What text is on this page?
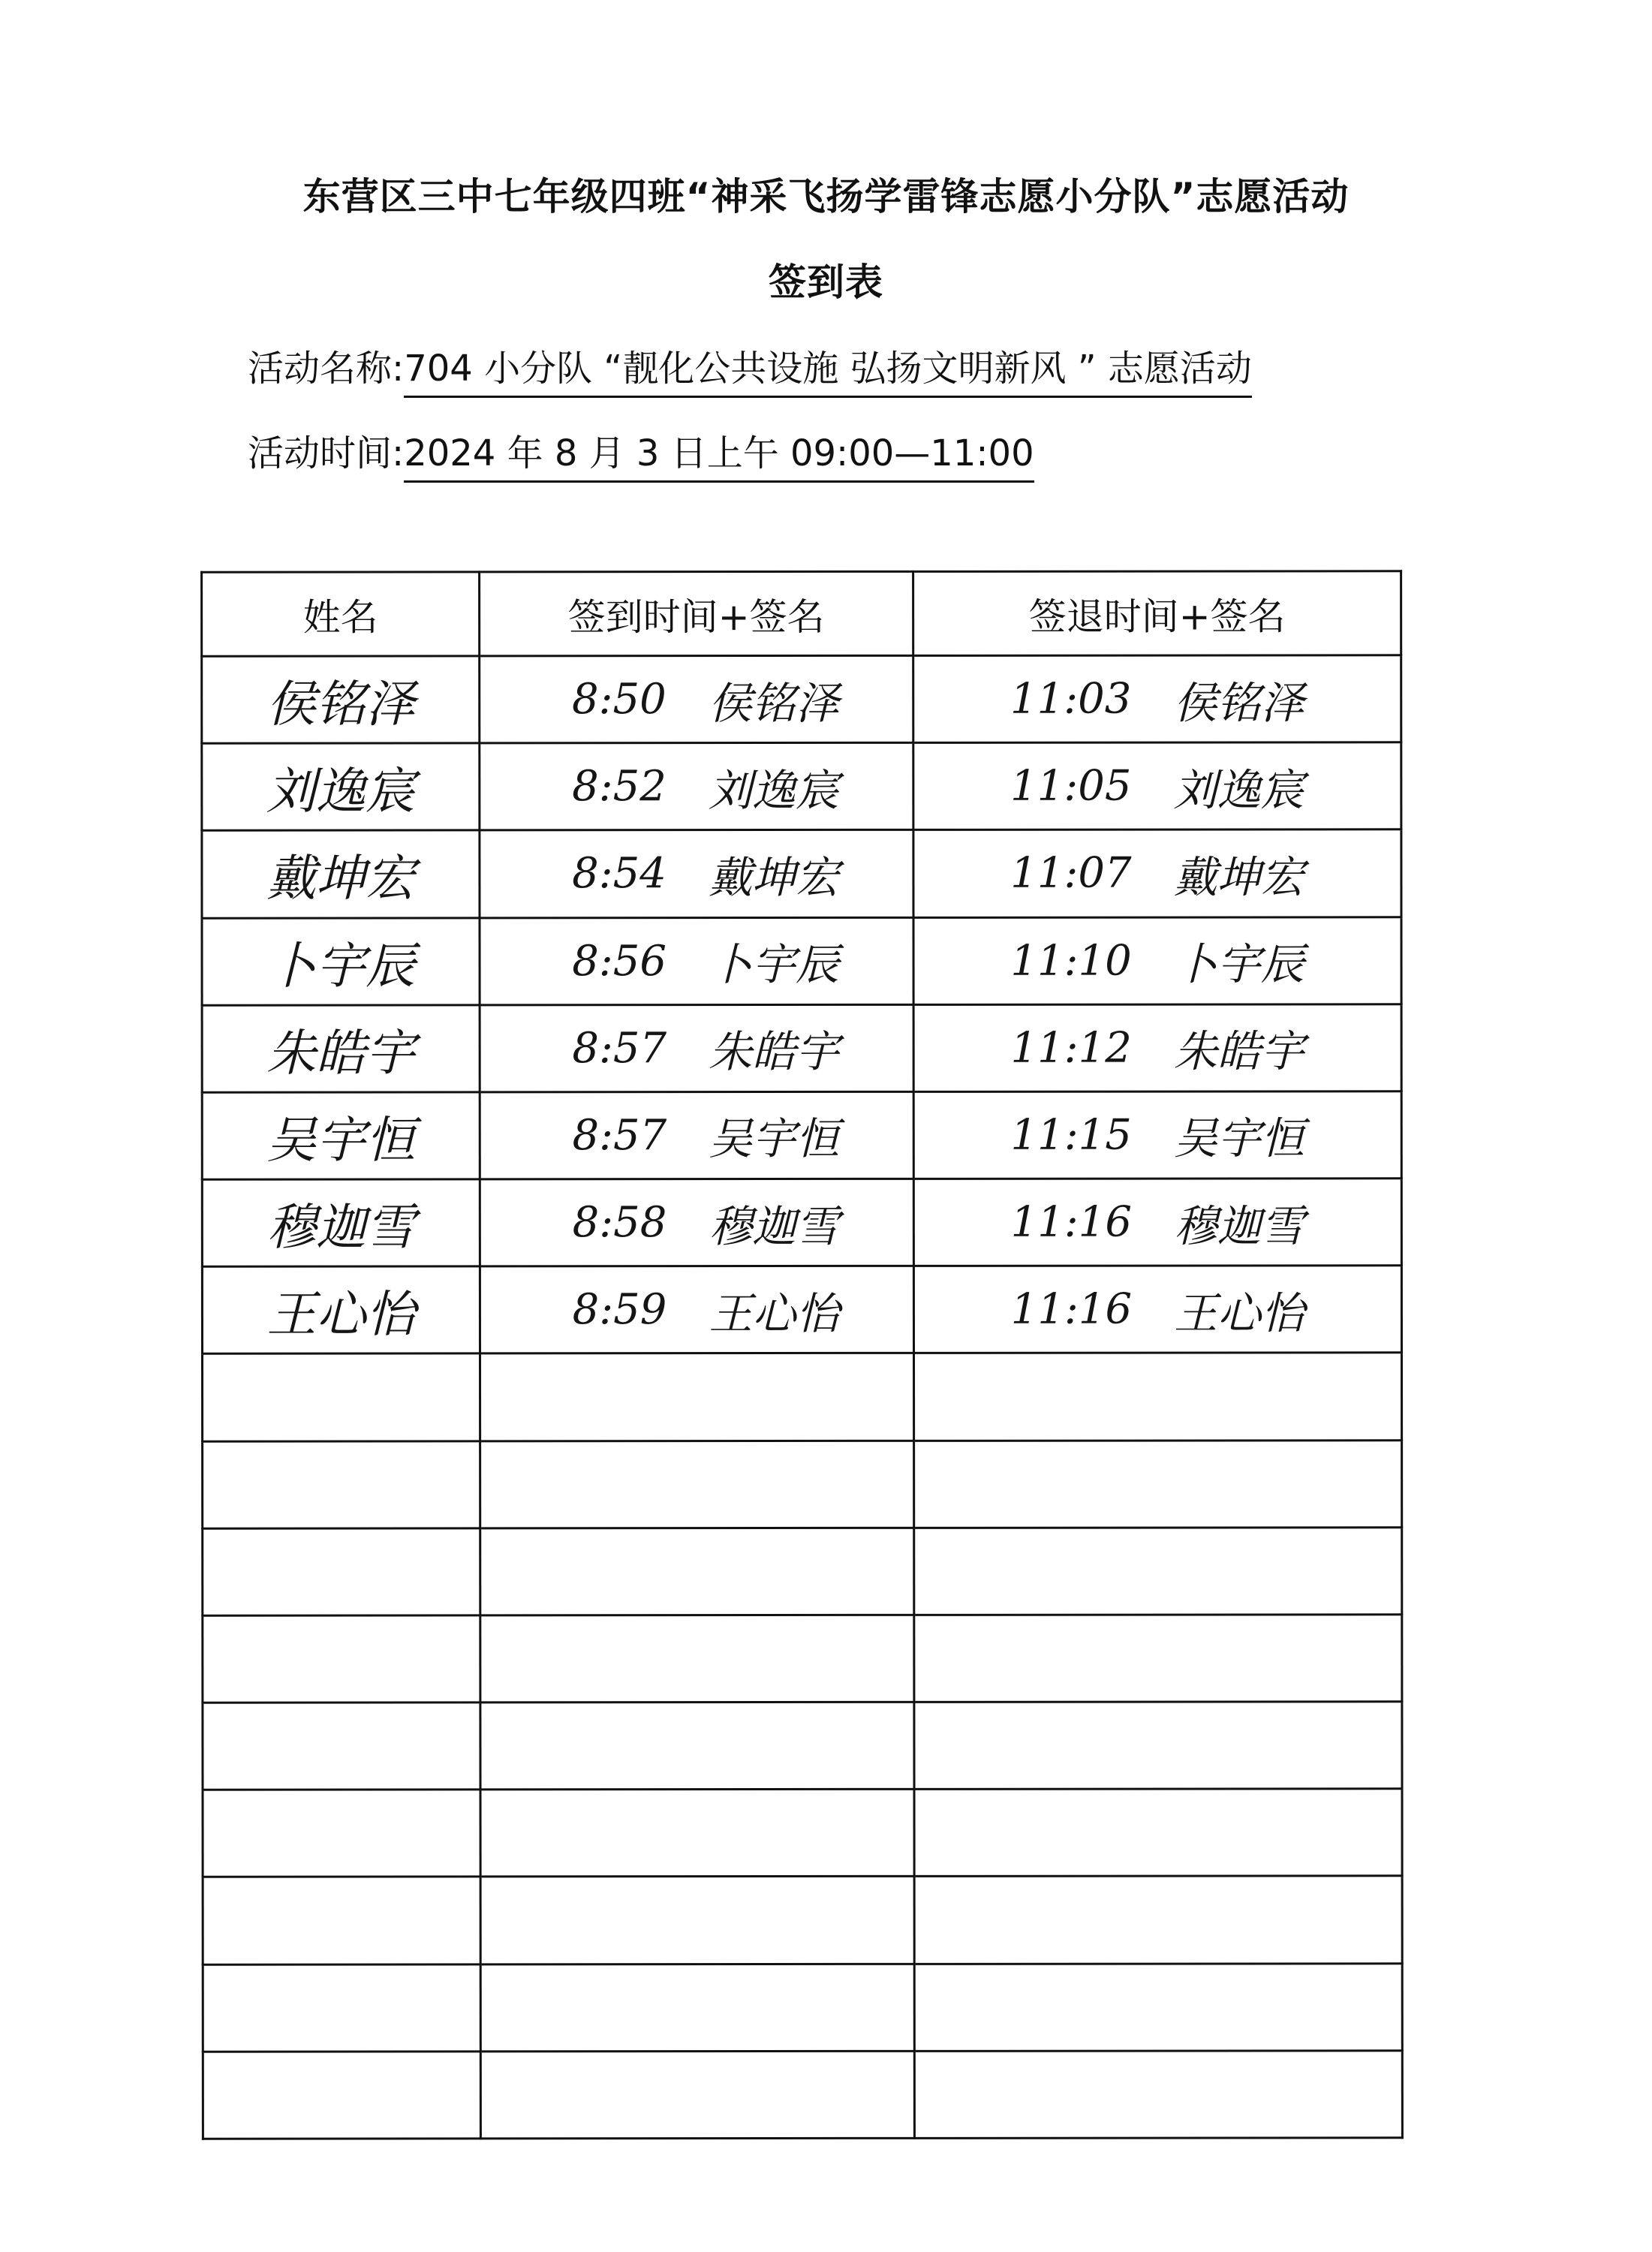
东营区三中七年级四班“神采飞扬学雷锋志愿小分队”志愿活动
签到表
活动名称:704 小分队 “靓化公共设施 弘扬文明新风 ” 志愿活动
活动时间:2024 年 8 月 3 日上午 09:00—11:00
姓名	签到时间+签名	签退时间+签名
侯铭泽	8:50 侯铭泽	11:03 侯铭泽

刘逸宸	8:52 刘逸宸	11:05 刘逸宸

戴坤宏	8:54 戴坤宏	11:07 戴坤宏

卜宇辰	8:56 卜宇辰	11:10 卜宇辰

朱皓宇	8:57 朱皓宇	11:12 朱皓宇

吴宇恒	8:57 吴宇恒	11:15 吴宇恒

穆迦雪	8:58 穆迦雪	11:16 穆迦雪

王心怡	8:59 王心怡	11:16 王心怡
